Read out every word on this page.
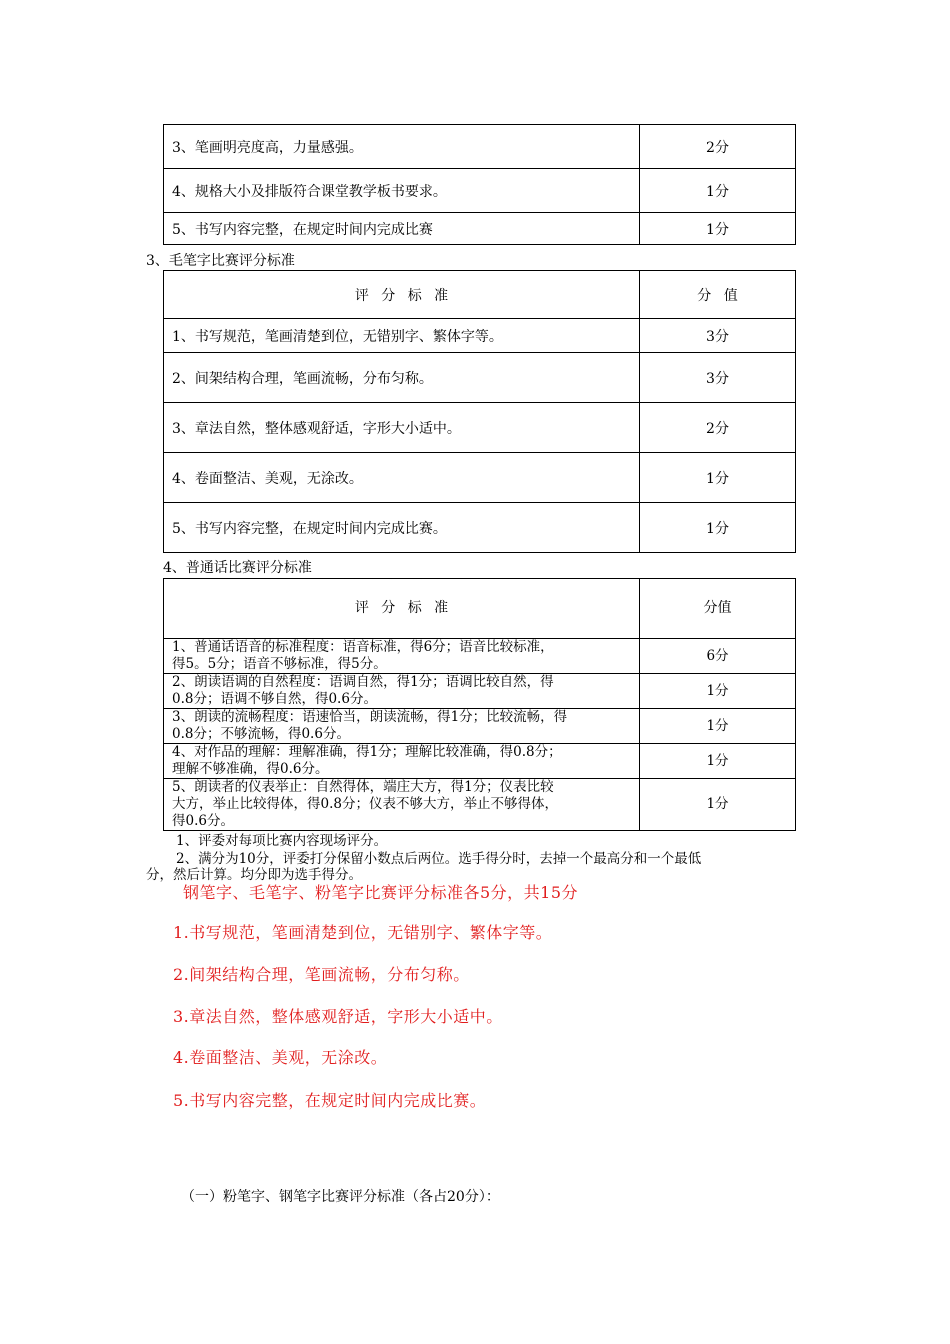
3、笔画明亮度高，力量感强。	2分
4、规格大小及排版符合课堂教学板书要求。	1分
5、书写内容完整，在规定时间内完成比赛	1分
3、毛笔字比赛评分标准
评 分 标 准	分 值
1、书写规范，笔画清楚到位，无错别字、繁体字等。	3分
2、间架结构合理，笔画流畅，分布匀称。	3分
3、章法自然，整体感观舒适，字形大小适中。	2分
4、卷面整洁、美观，无涂改。	1分
5、书写内容完整，在规定时间内完成比赛。	1分
4、普通话比赛评分标准
评 分 标 准	分值

1、普通话语音的标准程度：语音标准，得6分；语音比较标准，
得5。5分；语音不够标准，得5分。	6分

2、朗读语调的自然程度：语调自然，得1分；语调比较自然，得
0.8分；语调不够自然，得0.6分。	1分

3、朗读的流畅程度：语速恰当，朗读流畅，得1分；比较流畅，得
0.8分；不够流畅，得0.6分。	1分

4、对作品的理解：理解准确，得1分；理解比较准确，得0.8分；
理解不够准确，得0.6分。	1分

5、朗读者的仪表举止：自然得体，端庄大方，得1分；仪表比较
大方，举止比较得体，得0.8分；仪表不够大方，举止不够得体，
得0.6分。	1分
1、评委对每项比赛内容现场评分。
2、满分为10分，评委打分保留小数点后两位。选手得分时，去掉一个最高分和一个最低
分，然后计算。均分即为选手得分。
钢笔字、毛笔字、粉笔字比赛评分标准各5分，共15分
1.书写规范，笔画清楚到位，无错别字、繁体字等。
2.间架结构合理，笔画流畅，分布匀称。
3.章法自然，整体感观舒适，字形大小适中。
4.卷面整洁、美观，无涂改。
5.书写内容完整，在规定时间内完成比赛。
（一）粉笔字、钢笔字比赛评分标准（各占20分）：
